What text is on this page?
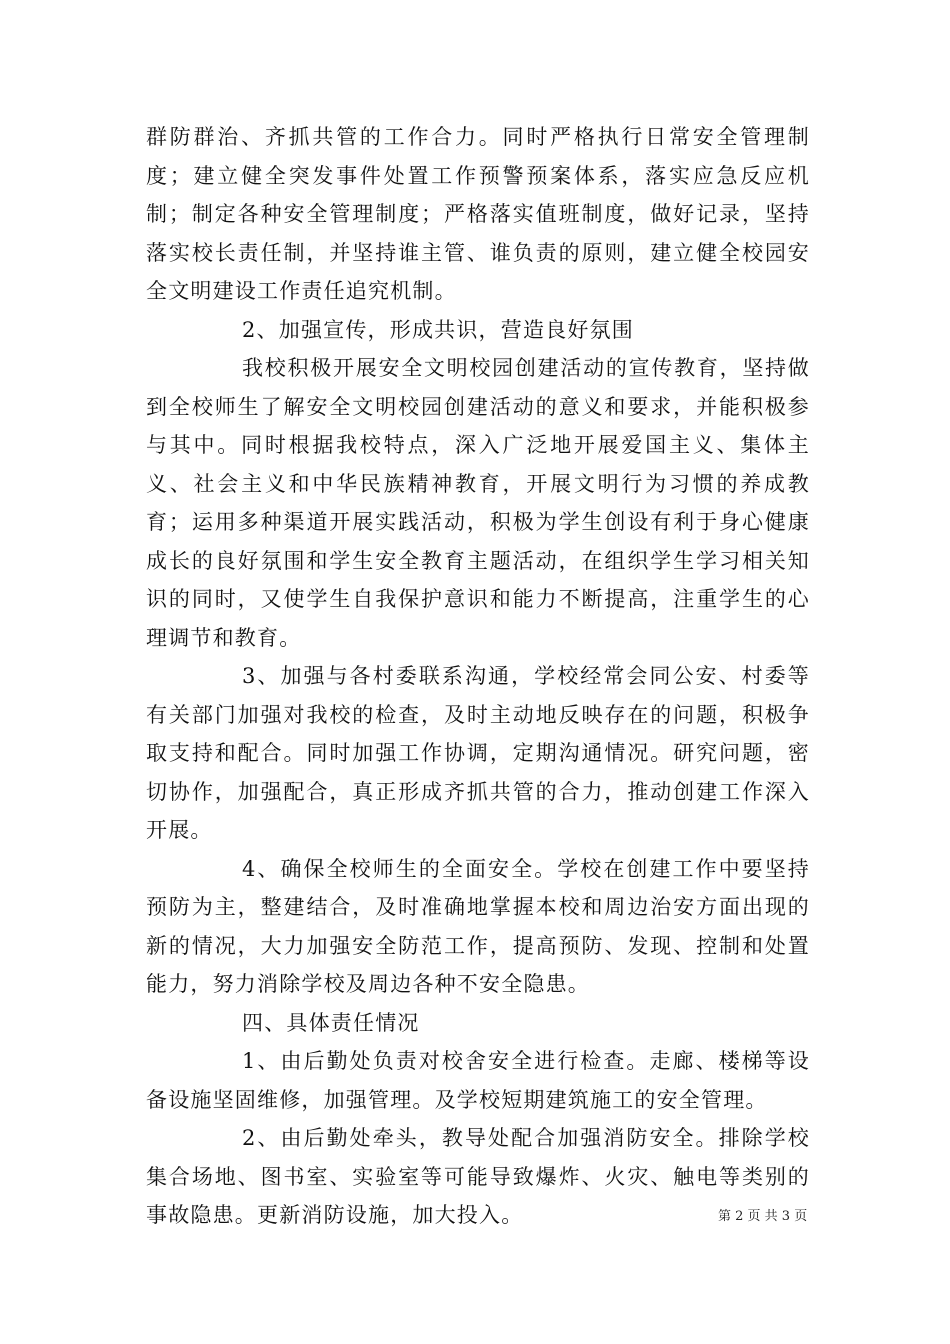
群防群治、齐抓共管的工作合力。同时严格执行日常安全管理制度；建立健全突发事件处置工作预警预案体系，落实应急反应机制；制定各种安全管理制度；严格落实值班制度，做好记录，坚持落实校长责任制，并坚持谁主管、谁负责的原则，建立健全校园安全文明建设工作责任追究机制。

2、加强宣传，形成共识，营造良好氛围

我校积极开展安全文明校园创建活动的宣传教育，坚持做到全校师生了解安全文明校园创建活动的意义和要求，并能积极参与其中。同时根据我校特点，深入广泛地开展爱国主义、集体主义、社会主义和中华民族精神教育，开展文明行为习惯的养成教育；运用多种渠道开展实践活动，积极为学生创设有利于身心健康成长的良好氛围和学生安全教育主题活动，在组织学生学习相关知识的同时，又使学生自我保护意识和能力不断提高，注重学生的心理调节和教育。

3、加强与各村委联系沟通，学校经常会同公安、村委等有关部门加强对我校的检查，及时主动地反映存在的问题，积极争取支持和配合。同时加强工作协调，定期沟通情况。研究问题，密切协作，加强配合，真正形成齐抓共管的合力，推动创建工作深入开展。

4、确保全校师生的全面安全。学校在创建工作中要坚持预防为主，整建结合，及时准确地掌握本校和周边治安方面出现的新的情况，大力加强安全防范工作，提高预防、发现、控制和处置能力，努力消除学校及周边各种不安全隐患。

四、具体责任情况

1、由后勤处负责对校舍安全进行检查。走廊、楼梯等设备设施坚固维修，加强管理。及学校短期建筑施工的安全管理。

2、由后勤处牵头，教导处配合加强消防安全。排除学校集合场地、图书室、实验室等可能导致爆炸、火灾、触电等类别的事故隐患。更新消防设施，加大投入。	第 2 页 共 3 页
